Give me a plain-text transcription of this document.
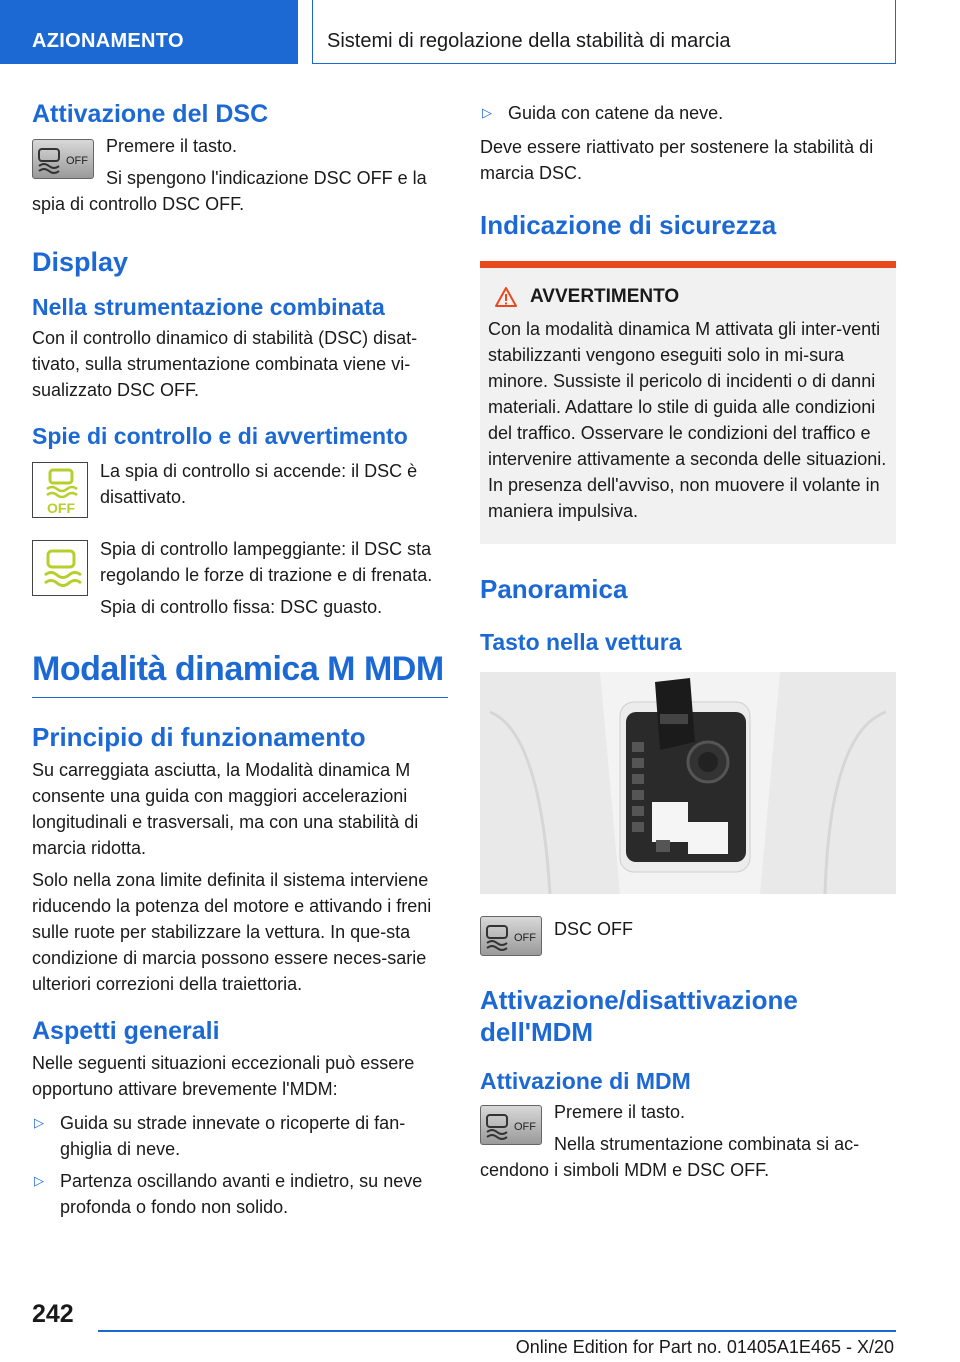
AZIONAMENTO	Sistemi di regolazione della stabilità di marcia
Attivazione del DSC
OFF
Premere il tasto.
Si spengono l'indicazione DSC OFF e la spia di controllo DSC OFF.
Display
Nella strumentazione combinata
Con il controllo dinamico di stabilità (DSC) disat-tivato, sulla strumentazione combinata viene vi-sualizzato DSC OFF.
Spie di controllo e di avvertimento
OFF
La spia di controllo si accende: il DSC è disattivato.
Spia di controllo lampeggiante: il DSC sta regolando le forze di trazione e di frenata.
Spia di controllo fissa: DSC guasto.
Modalità dinamica M MDM
Principio di funzionamento
Su carreggiata asciutta, la Modalità dinamica M consente una guida con maggiori accelerazioni longitudinali e trasversali, ma con una stabilità di marcia ridotta.
Solo nella zona limite definita il sistema interviene riducendo la potenza del motore e attivando i freni sulle ruote per stabilizzare la vettura. In que-sta condizione di marcia possono essere neces-sarie ulteriori correzioni della traiettoria.
Aspetti generali
Nelle seguenti situazioni eccezionali può essere opportuno attivare brevemente l'MDM:
▷ Guida su strade innevate o ricoperte di fan-ghiglia di neve.
▷ Partenza oscillando avanti e indietro, su neve profonda o fondo non solido.
▷ Guida con catene da neve.
Deve essere riattivato per sostenere la stabilità di marcia DSC.
Indicazione di sicurezza
AVVERTIMENTO
Con la modalità dinamica M attivata gli inter-venti stabilizzanti vengono eseguiti solo in mi-sura minore. Sussiste il pericolo di incidenti o di danni materiali. Adattare lo stile di guida alle condizioni del traffico. Osservare le condizioni del traffico e intervenire attivamente a seconda delle situazioni. In presenza dell'avviso, non muovere il volante in maniera impulsiva.
Panoramica
Tasto nella vettura
OFF	DSC OFF
Attivazione/disattivazione dell'MDM
Attivazione di MDM
OFF
Premere il tasto.
Nella strumentazione combinata si ac-cendono i simboli MDM e DSC OFF.
242
Online Edition for Part no. 01405A1E465 - X/20
